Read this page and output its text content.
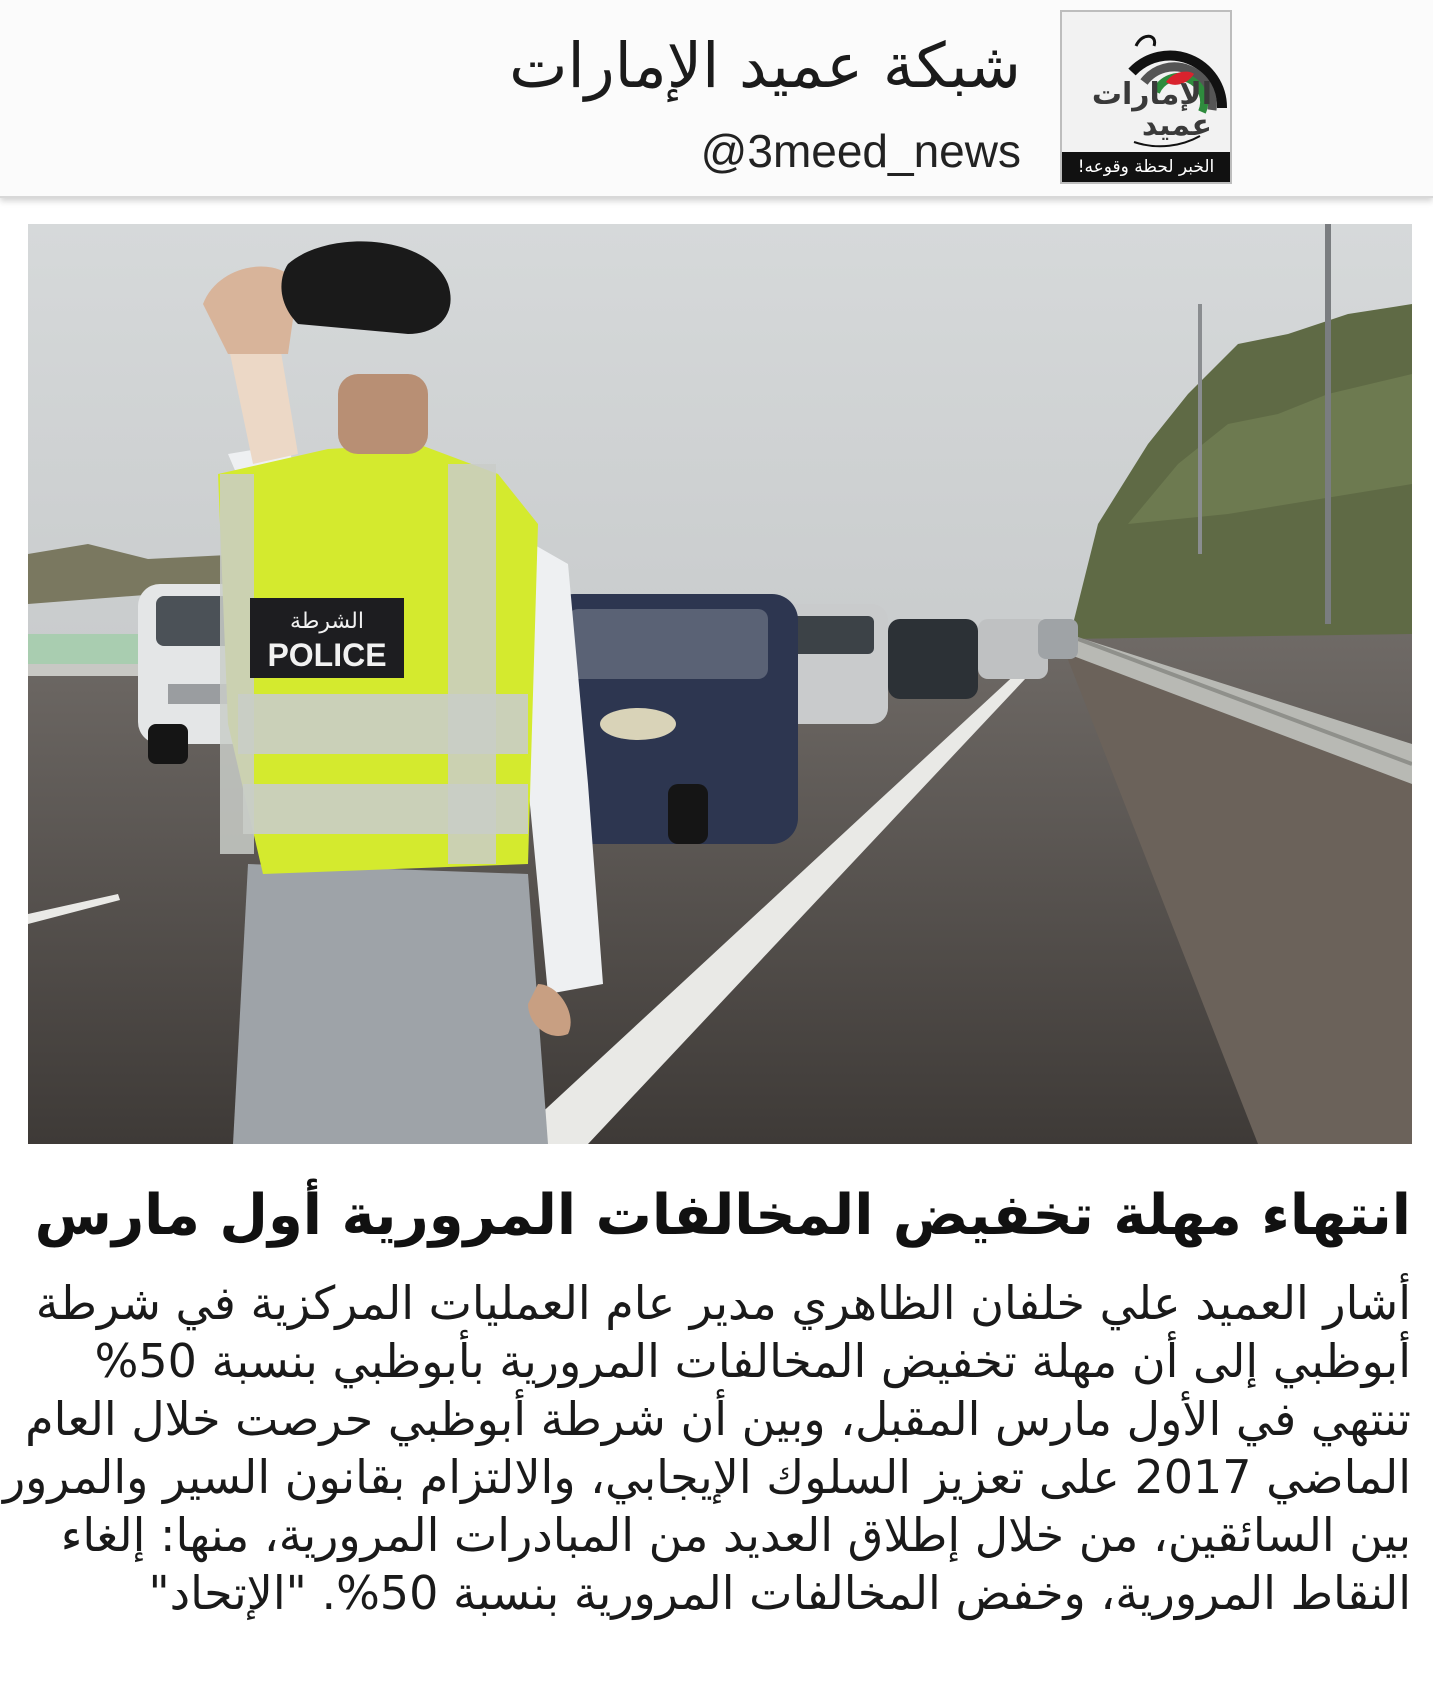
شبكة عميد الإمارات
@3meed_news
الإمارات
عميد
الخبر لحظة وقوعه!
الشرطة
POLICE
انتهاء مهلة تخفيض المخالفات المرورية أول مارس
أشار العميد علي خلفان الظاهري مدير عام العمليات المركزية في شرطة
أبوظبي إلى أن مهلة تخفيض المخالفات المرورية بأبوظبي بنسبة 50%
تنتهي في الأول مارس المقبل، وبين أن شرطة أبوظبي حرصت خلال العام
الماضي 2017 على تعزيز السلوك الإيجابي، والالتزام بقانون السير والمرور
بين السائقين، من خلال إطلاق العديد من المبادرات المرورية، منها: إلغاء
النقاط المرورية، وخفض المخالفات المرورية بنسبة 50%. "الإتحاد"
